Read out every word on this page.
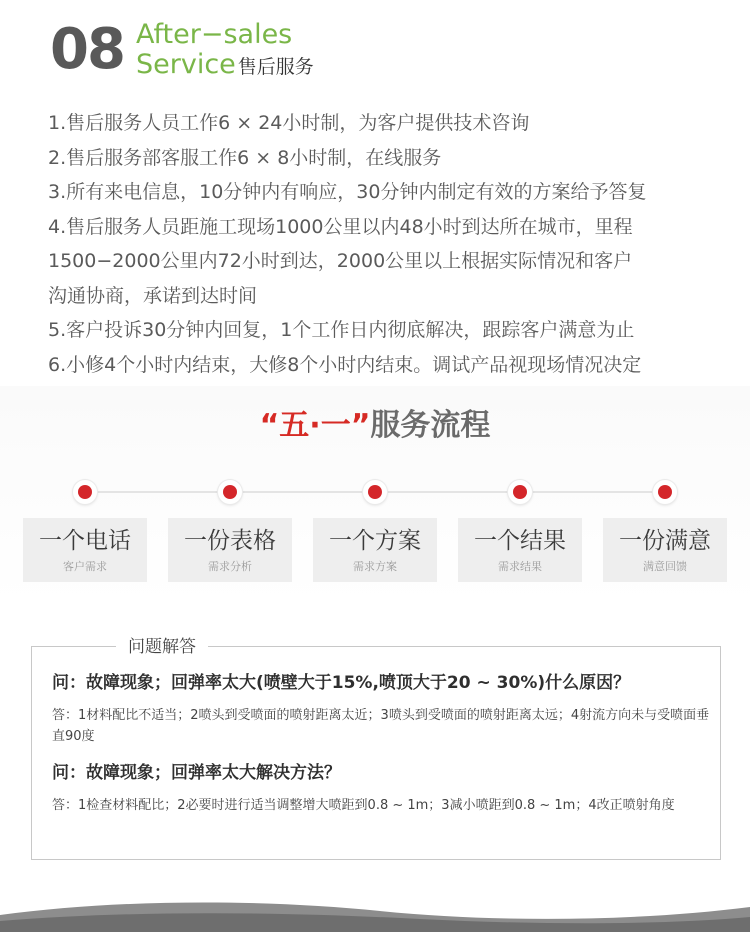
08 After−sales
Service 售后服务
1.售后服务人员工作6 × 24小时制，为客户提供技术咨询
2.售后服务部客服工作6 × 8小时制，在线服务
3.所有来电信息，10分钟内有响应，30分钟内制定有效的方案给予答复
4.售后服务人员距施工现场1000公里以内48小时到达所在城市，里程
1500−2000公里内72小时到达，2000公里以上根据实际情况和客户
沟通协商，承诺到达时间
5.客户投诉30分钟内回复，1个工作日内彻底解决，跟踪客户满意为止
6.小修4个小时内结束，大修8个小时内结束。调试产品视现场情况决定
“五·一”服务流程
一个电话
客户需求
一份表格
需求分析
一个方案
需求方案
一个结果
需求结果
一份满意
满意回馈
问题解答
问：故障现象；回弹率太大(喷壁大于15%,喷顶大于20 ~ 30%)什么原因？
答：1材料配比不适当；2喷头到受喷面的喷射距离太近；3喷头到受喷面的喷射距离太远；4射流方向未与受喷面垂直90度
问：故障现象；回弹率太大解决方法？
答：1检查材料配比；2必要时进行适当调整增大喷距到0.8 ~ 1m；3减小喷距到0.8 ~ 1m；4改正喷射角度
